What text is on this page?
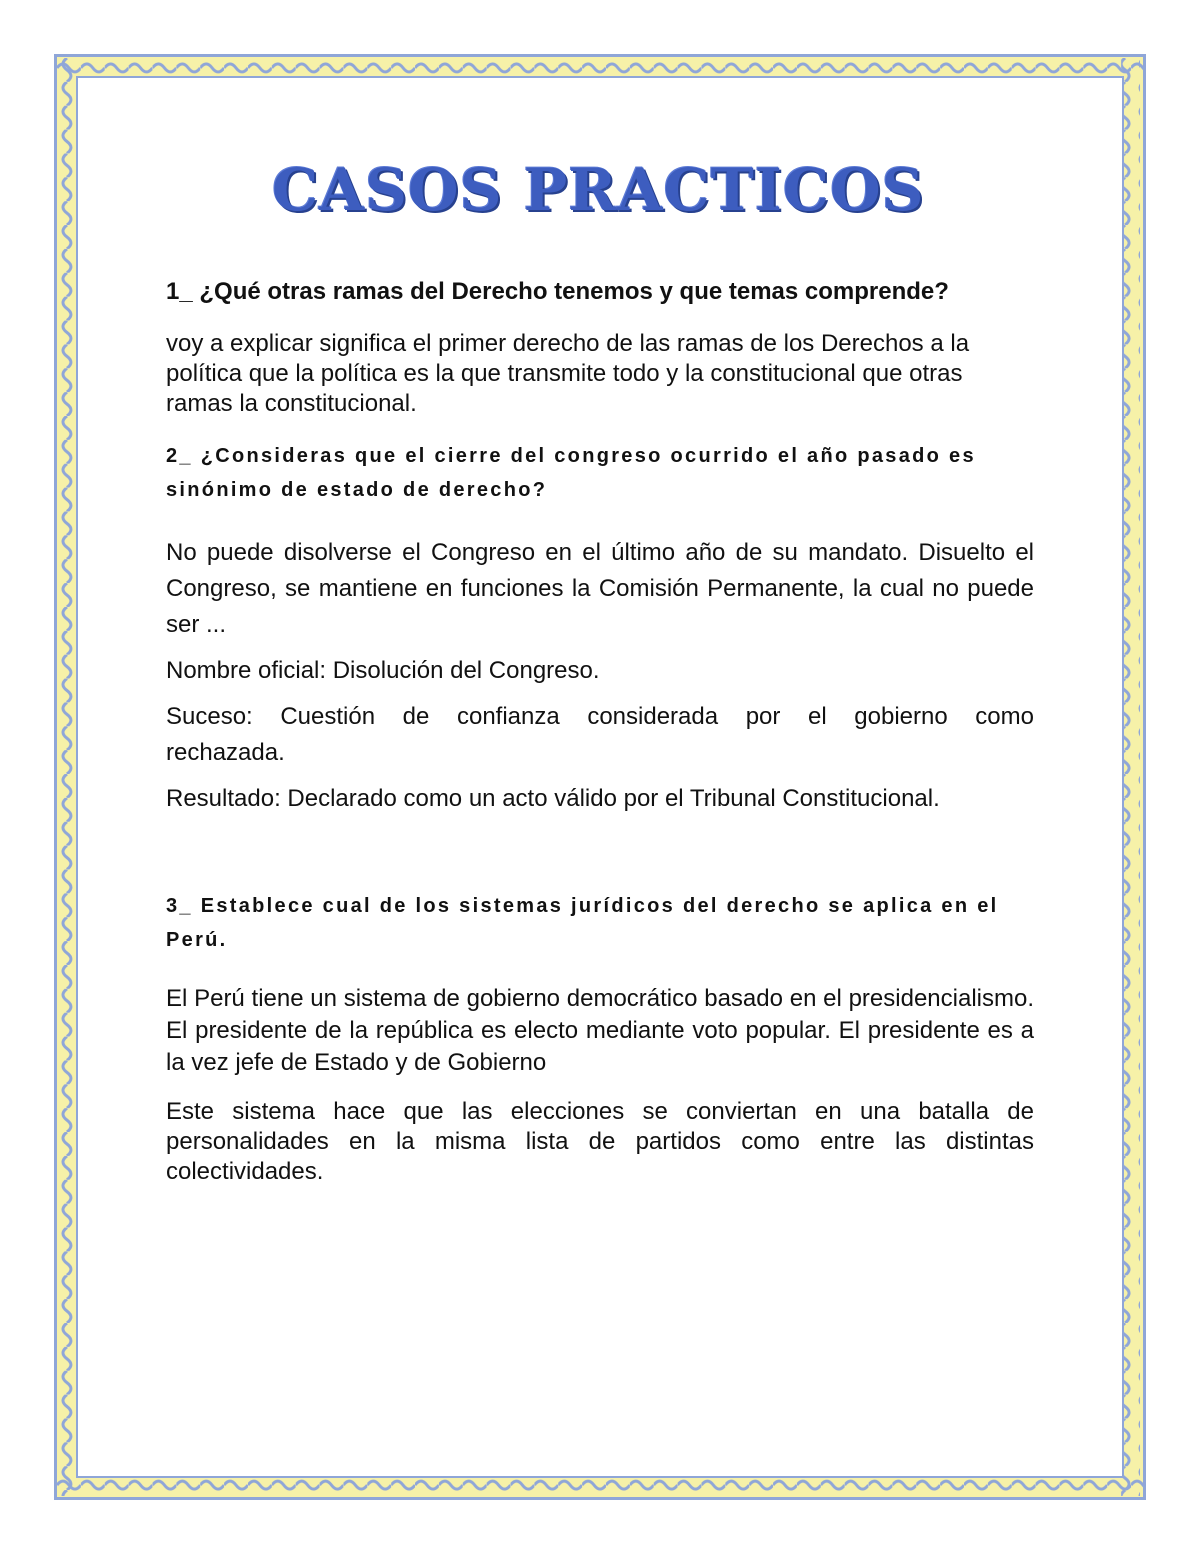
CASOS PRACTICOS

1_ ¿Qué otras ramas del Derecho tenemos y que temas comprende?

voy a explicar significa el primer derecho de las ramas de los Derechos a la política que la política es la que transmite todo y la constitucional que otras ramas la constitucional.

2_ ¿Consideras que el cierre del congreso ocurrido el año pasado es sinónimo de estado de derecho?

No puede disolverse el Congreso en el último año de su mandato. Disuelto el Congreso, se mantiene en funciones la Comisión Permanente, la cual no puede ser ...

Nombre oficial: Disolución del Congreso.

Suceso: Cuestión de confianza considerada por el gobierno como rechazada.

Resultado: Declarado como un acto válido por el Tribunal Constitucional.

3_ Establece cual de los sistemas jurídicos del derecho se aplica en el Perú.

El Perú tiene un sistema de gobierno democrático basado en el presidencialismo. El presidente de la república es electo mediante voto popular. El presidente es a la vez jefe de Estado y de Gobierno

Este sistema hace que las elecciones se conviertan en una batalla de personalidades en la misma lista de partidos como entre las distintas colectividades.
